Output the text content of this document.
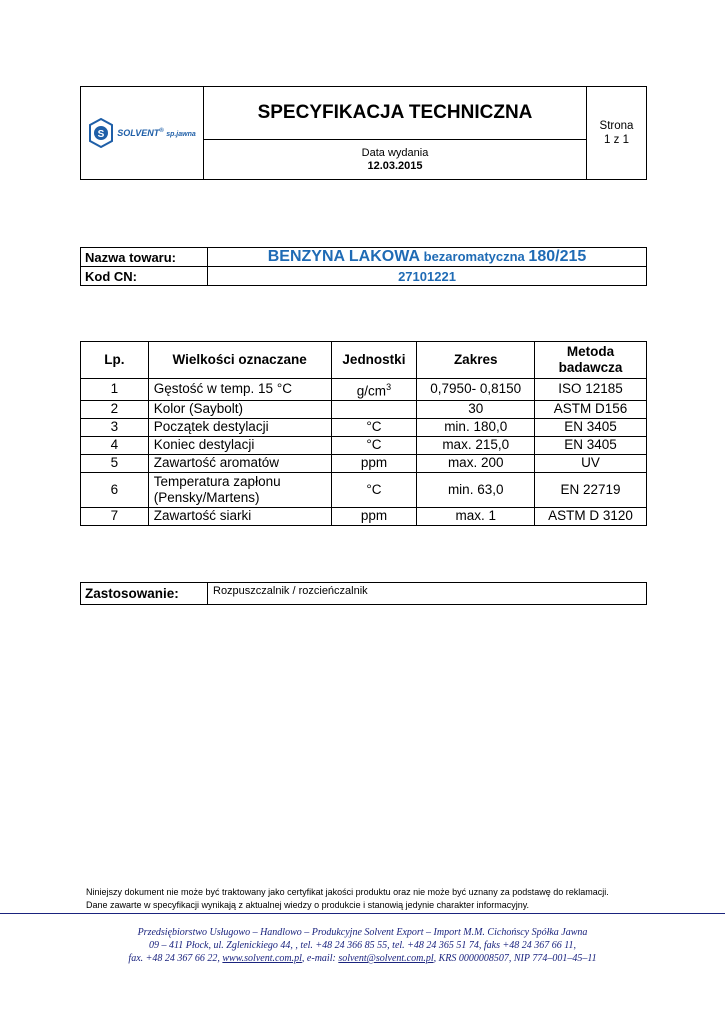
S SOLVENT® sp.jawna
	SPECYFIKACJA TECHNICZNA	
Strona
1 z 1

Data wydania
12.03.2015
Nazwa towaru:	BENZYNA LAKOWA bezaromatyczna 180/215
Kod CN:	27101221
Lp.	Wielkości oznaczane	Jednostki	Zakres	Metoda badawcza
1	Gęstość w temp. 15 °C	$g/cm^3$	0,7950- 0,8150	ISO 12185
2	Kolor (Saybolt)		30	ASTM D156
3	Początek destylacji	°C	min. 180,0	EN 3405
4	Koniec destylacji	°C	max. 215,0	EN 3405
5	Zawartość aromatów	ppm	max. 200	UV
6	Temperatura zapłonu (Pensky/Martens)	°C	min. 63,0	EN 22719
7	Zawartość siarki	ppm	max. 1	ASTM D 3120
Zastosowanie:	Rozpuszczalnik / rozcieńczalnik
Niniejszy dokument nie może być traktowany jako certyfikat jakości produktu oraz nie może być uznany za podstawę do reklamacji.
Dane zawarte w specyfikacji wynikają z aktualnej wiedzy o produkcie i stanowią jedynie charakter informacyjny.
Przedsiębiorstwo Usługowo – Handlowo – Produkcyjne Solvent Export – Import M.M. Cichońscy Spółka Jawna
09 – 411 Płock, ul. Zglenickiego 44, , tel. +48 24 366 85 55, tel. +48 24 365 51 74, faks +48 24 367 66 11,
fax. +48 24 367 66 22, www.solvent.com.pl, e-mail: solvent@solvent.com.pl, KRS 0000008507, NIP 774–001–45–11
